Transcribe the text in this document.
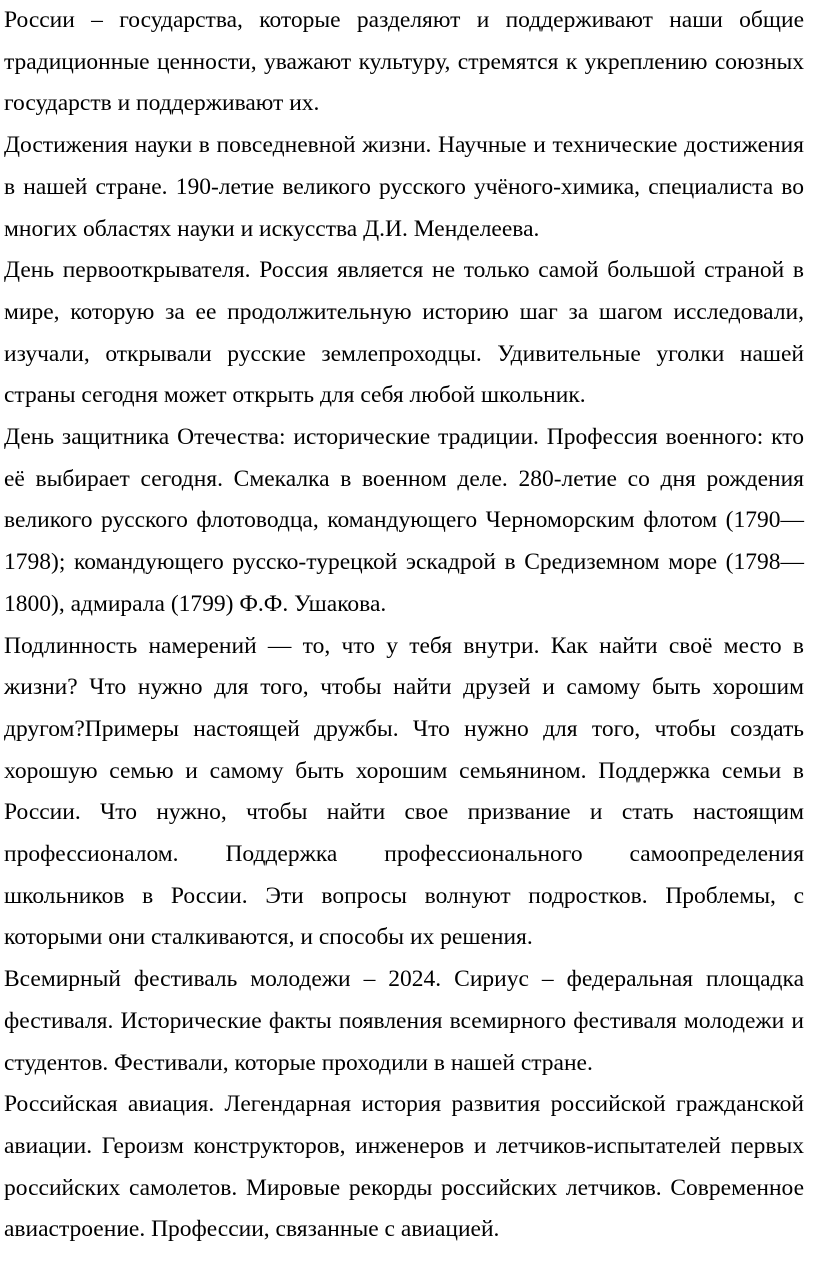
России – государства, которые разделяют и поддерживают наши общие традиционные ценности, уважают культуру, стремятся к укреплению союзных государств и поддерживают их.

Достижения науки в повседневной жизни. Научные и технические достижения в нашей стране. 190-летие великого русского учёного-химика, специалиста во многих областях науки и искусства Д.И. Менделеева.

День первооткрывателя. Россия является не только самой большой страной в мире, которую за ее продолжительную историю шаг за шагом исследовали, изучали, открывали русские землепроходцы. Удивительные уголки нашей страны сегодня может открыть для себя любой школьник.

День защитника Отечества: исторические традиции. Профессия военного: кто её выбирает сегодня. Смекалка в военном деле. 280-летие со дня рождения великого русского флотоводца, командующего Черноморским флотом (1790— 1798); командующего русско-турецкой эскадрой в Средиземном море (1798—1800), адмирала (1799) Ф.Ф. Ушакова.

Подлинность намерений — то, что у тебя внутри. Как найти своё место в жизни? Что нужно для того, чтобы найти друзей и самому быть хорошим другом?Примеры настоящей дружбы. Что нужно для того, чтобы создать хорошую семью и самому быть хорошим семьянином. Поддержка семьи в России. Что нужно, чтобы найти свое призвание и стать настоящим профессионалом. Поддержка профессионального самоопределения школьников в России. Эти вопросы волнуют подростков. Проблемы, с которыми они сталкиваются, и способы их решения.

Всемирный фестиваль молодежи – 2024. Сириус – федеральная площадка фестиваля. Исторические факты появления всемирного фестиваля молодежи и студентов. Фестивали, которые проходили в нашей стране.

Российская авиация. Легендарная история развития российской гражданской авиации. Героизм конструкторов, инженеров и летчиков-испытателей первых российских самолетов. Мировые рекорды российских летчиков. Современное авиастроение. Профессии, связанные с авиацией.
